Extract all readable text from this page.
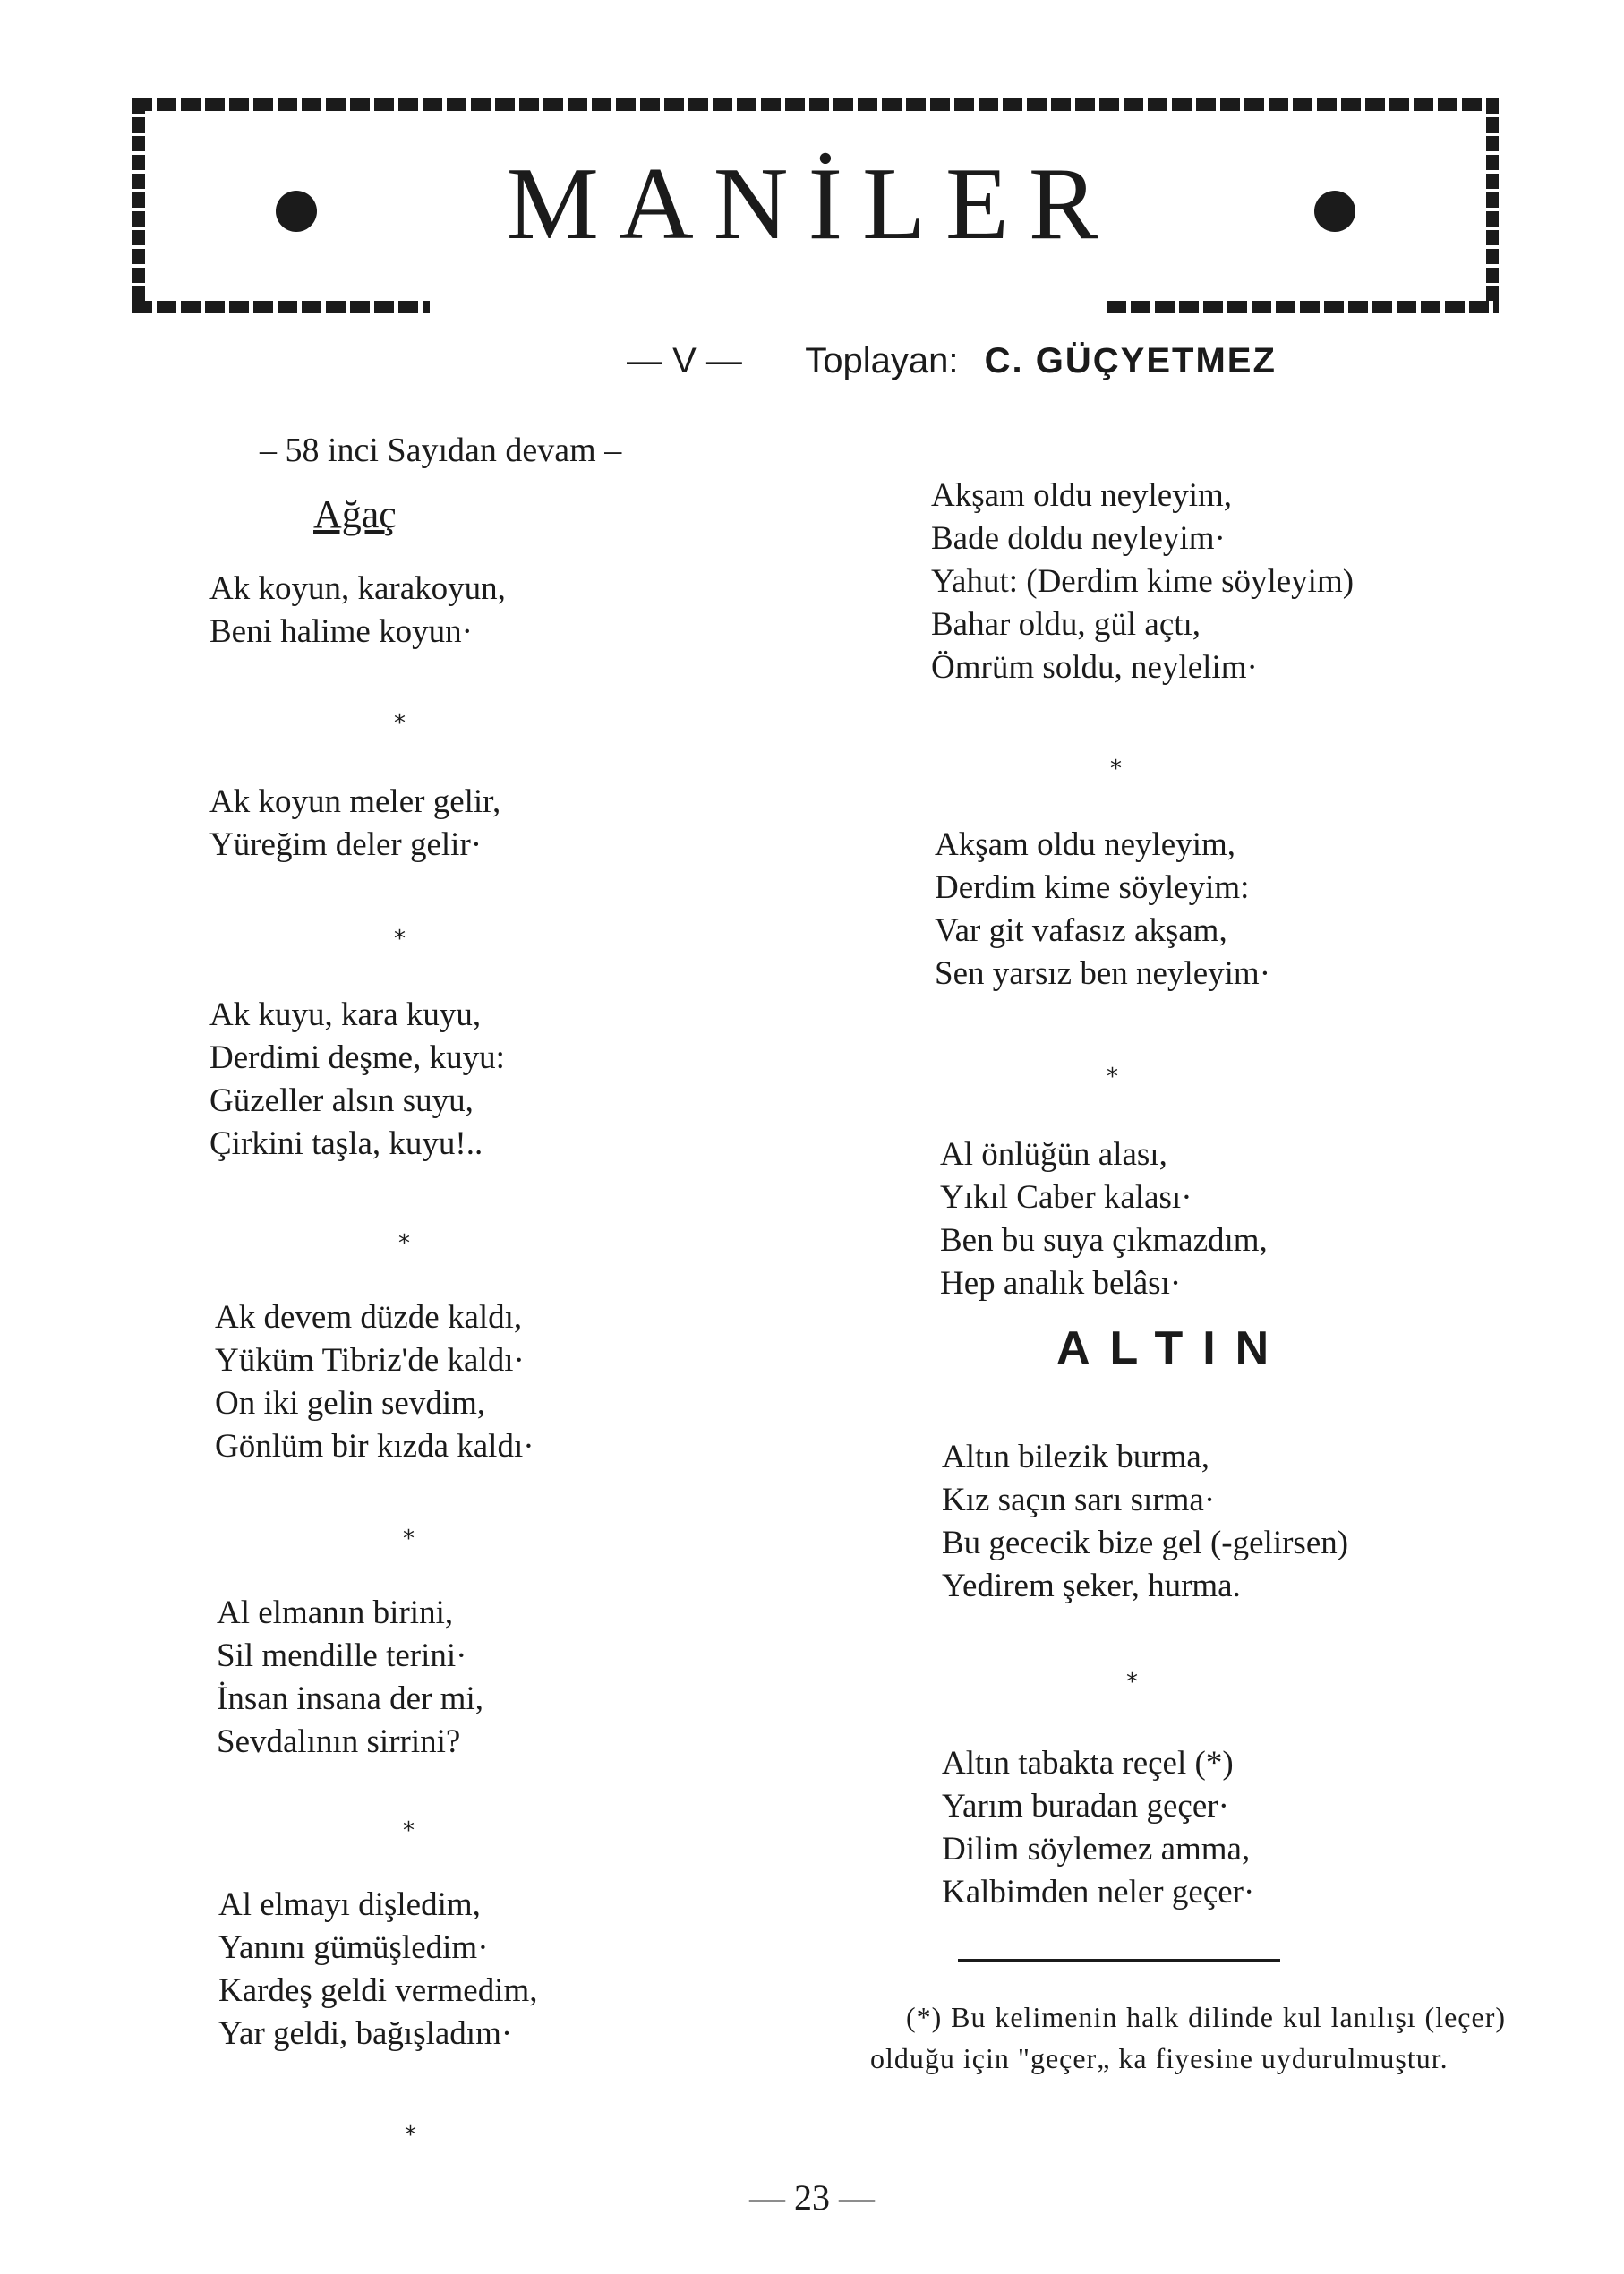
MANİLER
— V — Toplayan: C. GÜÇYETMEZ
– 58 inci Sayıdan devam –
Ağaç
Ak koyun, karakoyun,
Beni halime koyun·
*
Ak koyun meler gelir,
Yüreğim deler gelir·
*
Ak kuyu, kara kuyu,
Derdimi deşme, kuyu:
Güzeller alsın suyu,
Çirkini taşla, kuyu!..
*
Ak devem düzde kaldı,
Yüküm Tibriz'de kaldı·
On iki gelin sevdim,
Gönlüm bir kızda kaldı·
*
Al elmanın birini,
Sil mendille terini·
İnsan insana der mi,
Sevdalının sirrini?
*
Al elmayı dişledim,
Yanını gümüşledim·
Kardeş geldi vermedim,
Yar geldi, bağışladım·
*
Akşam oldu neyleyim,
Bade doldu neyleyim·
Yahut: (Derdim kime söyleyim)
Bahar oldu, gül açtı,
Ömrüm soldu, neylelim·
*
Akşam oldu neyleyim,
Derdim kime söyleyim:
Var git vafasız akşam,
Sen yarsız ben neyleyim·
*
Al önlüğün alası,
Yıkıl Caber kalası·
Ben bu suya çıkmazdım,
Hep analık belâsı·
ALTIN
Altın bilezik burma,
Kız saçın sarı sırma·
Bu gececik bize gel (-gelirsen)
Yedirem şeker, hurma.
*
Altın tabakta reçel (*)
Yarım buradan geçer·
Dilim söylemez amma,
Kalbimden neler geçer·

(*) Bu kelimenin halk dilinde kul lanılışı (leçer) olduğu için "geçer„ ka fiyesine uydurulmuştur.

— 23 —
